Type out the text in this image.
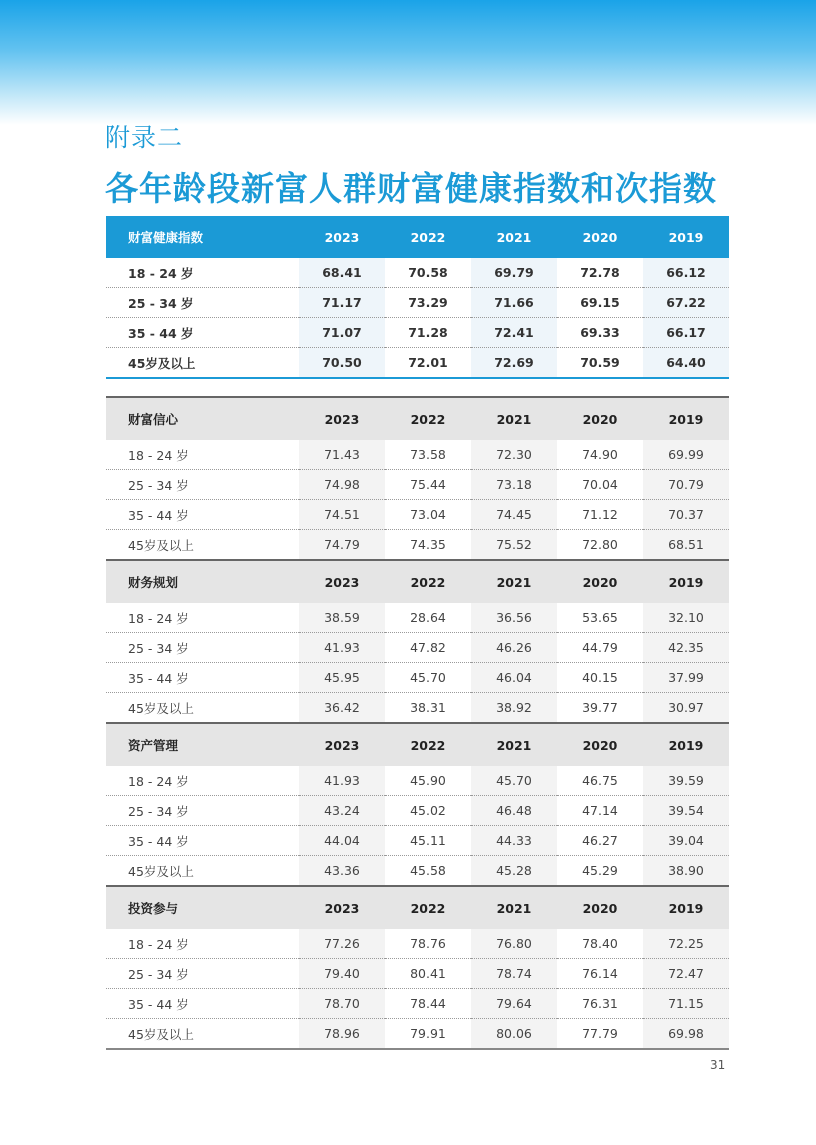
附录二
各年龄段新富人群财富健康指数和次指数
财富健康指数	2023	2022	2021	2020	2019
18 - 24 岁	68.41	70.58	69.79	72.78	66.12
25 - 34 岁	71.17	73.29	71.66	69.15	67.22
35 - 44 岁	71.07	71.28	72.41	69.33	66.17
45岁及以上	70.50	72.01	72.69	70.59	64.40
财富信心	2023	2022	2021	2020	2019
18 - 24 岁	71.43	73.58	72.30	74.90	69.99
25 - 34 岁	74.98	75.44	73.18	70.04	70.79
35 - 44 岁	74.51	73.04	74.45	71.12	70.37
45岁及以上	74.79	74.35	75.52	72.80	68.51
财务规划	2023	2022	2021	2020	2019
18 - 24 岁	38.59	28.64	36.56	53.65	32.10
25 - 34 岁	41.93	47.82	46.26	44.79	42.35
35 - 44 岁	45.95	45.70	46.04	40.15	37.99
45岁及以上	36.42	38.31	38.92	39.77	30.97
资产管理	2023	2022	2021	2020	2019
18 - 24 岁	41.93	45.90	45.70	46.75	39.59
25 - 34 岁	43.24	45.02	46.48	47.14	39.54
35 - 44 岁	44.04	45.11	44.33	46.27	39.04
45岁及以上	43.36	45.58	45.28	45.29	38.90
投资参与	2023	2022	2021	2020	2019
18 - 24 岁	77.26	78.76	76.80	78.40	72.25
25 - 34 岁	79.40	80.41	78.74	76.14	72.47
35 - 44 岁	78.70	78.44	79.64	76.31	71.15
45岁及以上	78.96	79.91	80.06	77.79	69.98
31
